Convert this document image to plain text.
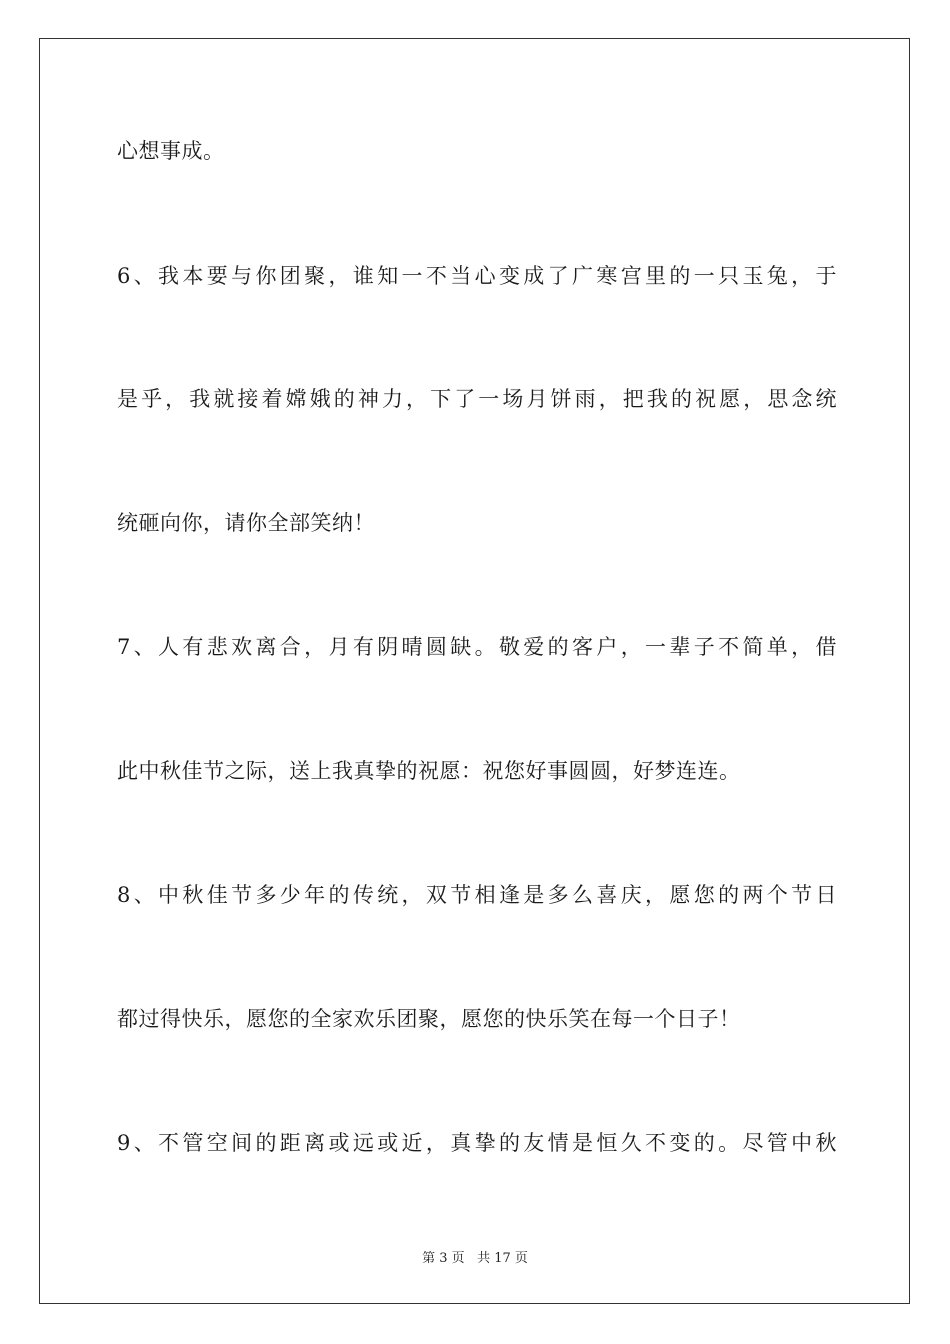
心想事成。
6、我本要与你团聚，谁知一不当心变成了广寒宫里的一只玉兔，于
是乎，我就接着嫦娥的神力，下了一场月饼雨，把我的祝愿，思念统
统砸向你，请你全部笑纳！
7、人有悲欢离合，月有阴晴圆缺。敬爱的客户，一辈子不简单，借
此中秋佳节之际，送上我真挚的祝愿：祝您好事圆圆，好梦连连。
8、中秋佳节多少年的传统，双节相逢是多么喜庆，愿您的两个节日
都过得快乐，愿您的全家欢乐团聚，愿您的快乐笑在每一个日子！
9、不管空间的距离或远或近，真挚的友情是恒久不变的。尽管中秋
第 3 页 共 17 页
